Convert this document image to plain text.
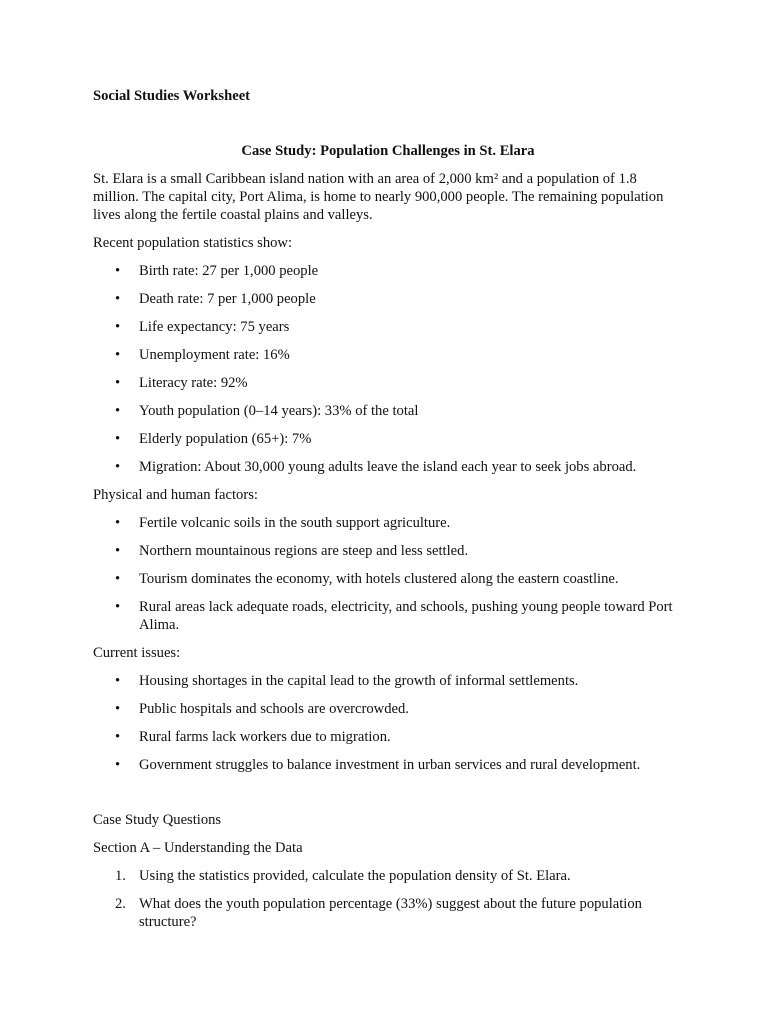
Social Studies Worksheet

Case Study: Population Challenges in St. Elara

St. Elara is a small Caribbean island nation with an area of 2,000 km² and a population of 1.8 million. The capital city, Port Alima, is home to nearly 900,000 people. The remaining population lives along the fertile coastal plains and valleys.

Recent population statistics show:

• Birth rate: 27 per 1,000 people
• Death rate: 7 per 1,000 people
• Life expectancy: 75 years
• Unemployment rate: 16%
• Literacy rate: 92%
• Youth population (0–14 years): 33% of the total
• Elderly population (65+): 7%
• Migration: About 30,000 young adults leave the island each year to seek jobs abroad.

Physical and human factors:

• Fertile volcanic soils in the south support agriculture.
• Northern mountainous regions are steep and less settled.
• Tourism dominates the economy, with hotels clustered along the eastern coastline.
• Rural areas lack adequate roads, electricity, and schools, pushing young people toward Port Alima.

Current issues:

• Housing shortages in the capital lead to the growth of informal settlements.
• Public hospitals and schools are overcrowded.
• Rural farms lack workers due to migration.
• Government struggles to balance investment in urban services and rural development.

Case Study Questions

Section A – Understanding the Data

1. Using the statistics provided, calculate the population density of St. Elara.
2. What does the youth population percentage (33%) suggest about the future population structure?
